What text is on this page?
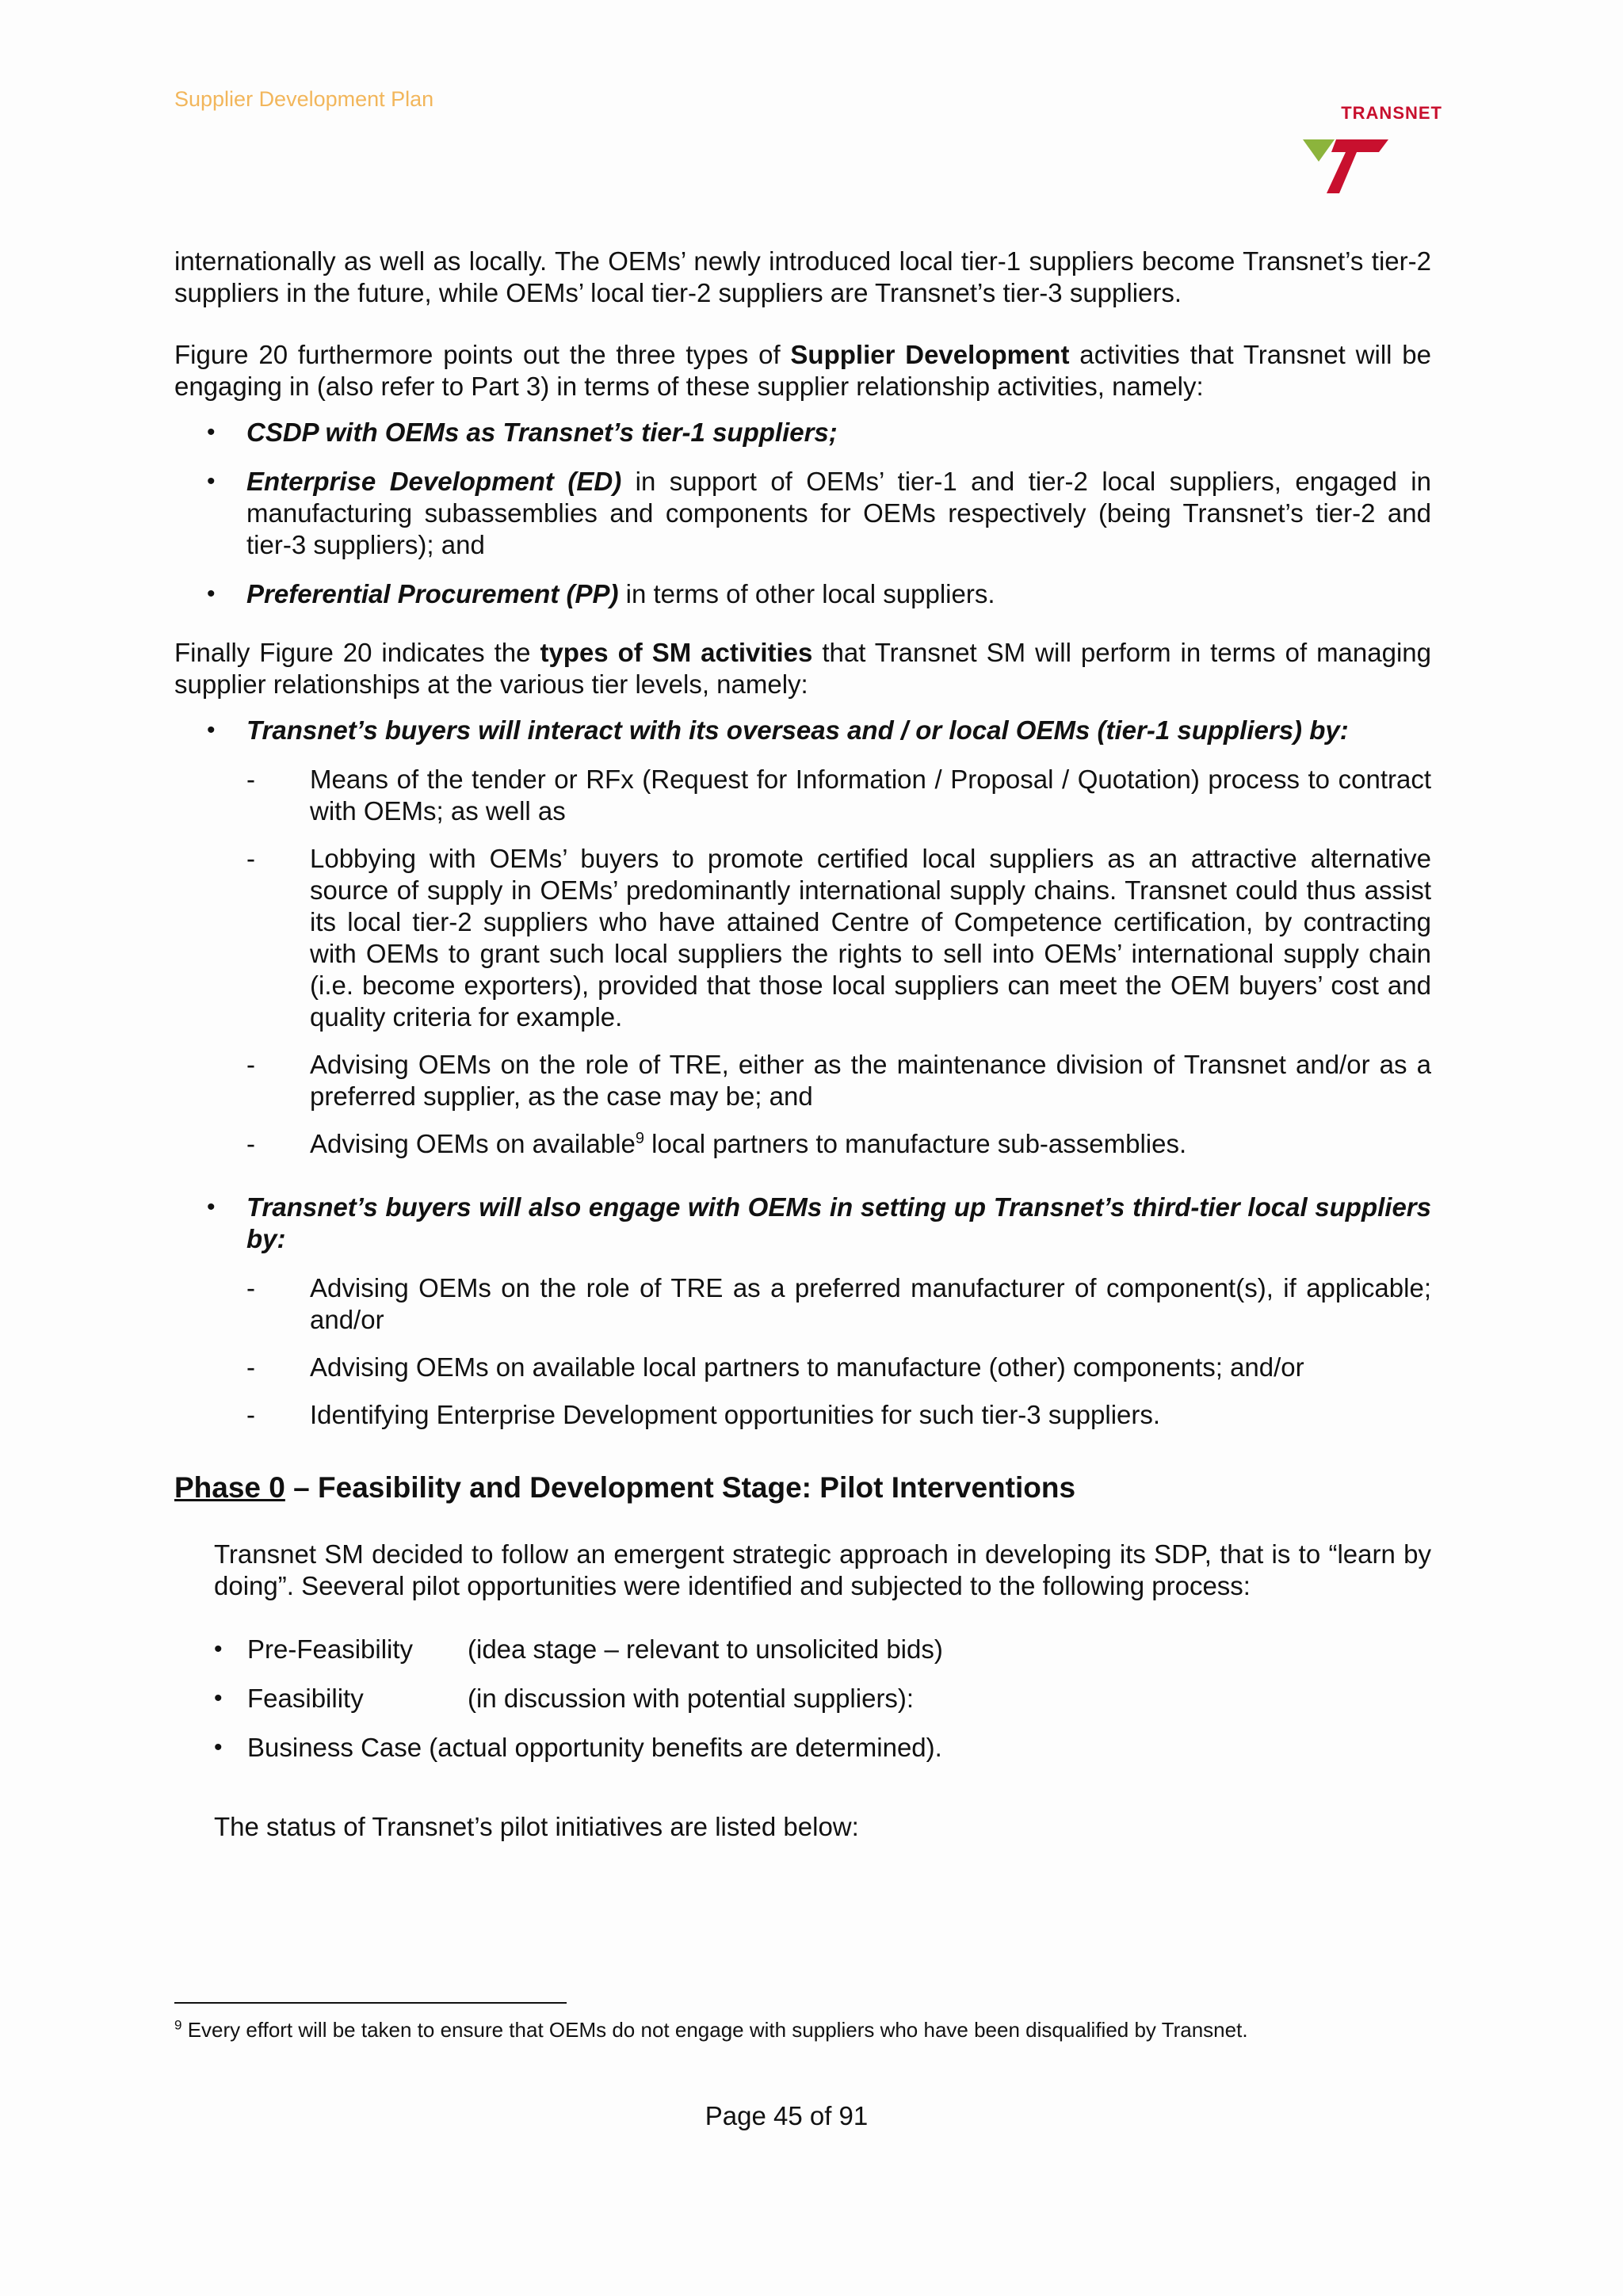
Supplier Development Plan
TRANSNET

internationally as well as locally. The OEMs’ newly introduced local tier-1 suppliers become Transnet’s tier-2 suppliers in the future, while OEMs’ local tier-2 suppliers are Transnet’s tier-3 suppliers.

Figure 20 furthermore points out the three types of Supplier Development activities that Transnet will be engaging in (also refer to Part 3) in terms of these supplier relationship activities, namely:

• CSDP with OEMs as Transnet’s tier-1 suppliers;
• Enterprise Development (ED) in support of OEMs’ tier-1 and tier-2 local suppliers, engaged in manufacturing subassemblies and components for OEMs respectively (being Transnet’s tier-2 and tier-3 suppliers); and
• Preferential Procurement (PP) in terms of other local suppliers.

Finally Figure 20 indicates the types of SM activities that Transnet SM will perform in terms of managing supplier relationships at the various tier levels, namely:

• Transnet’s buyers will interact with its overseas and / or local OEMs (tier-1 suppliers) by:
- Means of the tender or RFx (Request for Information / Proposal / Quotation) process to contract with OEMs; as well as
- Lobbying with OEMs’ buyers to promote certified local suppliers as an attractive alternative source of supply in OEMs’ predominantly international supply chains. Transnet could thus assist its local tier-2 suppliers who have attained Centre of Competence certification, by contracting with OEMs to grant such local suppliers the rights to sell into OEMs’ international supply chain (i.e. become exporters), provided that those local suppliers can meet the OEM buyers’ cost and quality criteria for example.
- Advising OEMs on the role of TRE, either as the maintenance division of Transnet and/or as a preferred supplier, as the case may be; and
- Advising OEMs on available$^9$ local partners to manufacture sub-assemblies.
• Transnet’s buyers will also engage with OEMs in setting up Transnet’s third-tier local suppliers by:
- Advising OEMs on the role of TRE as a preferred manufacturer of component(s), if applicable; and/or
- Advising OEMs on available local partners to manufacture (other) components; and/or
- Identifying Enterprise Development opportunities for such tier-3 suppliers.
Phase 0 – Feasibility and Development Stage: Pilot Interventions

Transnet SM decided to follow an emergent strategic approach in developing its SDP, that is to “learn by doing”. Seeveral pilot opportunities were identified and subjected to the following process:

• Pre-Feasibility (idea stage – relevant to unsolicited bids)
• Feasibility	(in discussion with potential suppliers):
• Business Case (actual opportunity benefits are determined).

The status of Transnet’s pilot initiatives are listed below:

$^9$ Every effort will be taken to ensure that OEMs do not engage with suppliers who have been disqualified by Transnet.
Page 45 of 91
